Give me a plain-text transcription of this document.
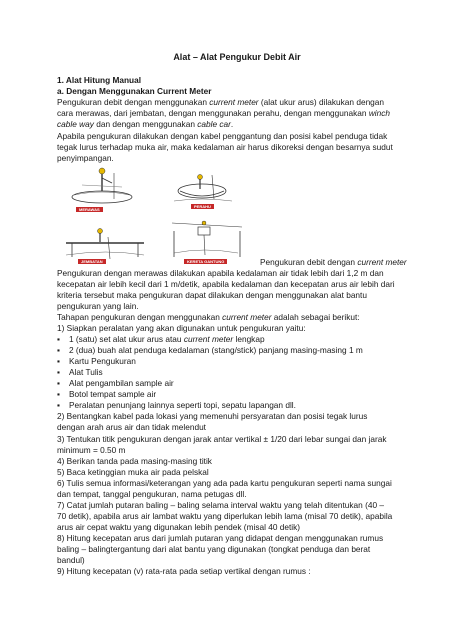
Alat – Alat Pengukur Debit Air
1. Alat Hitung Manual
a. Dengan Menggunakan Current Meter
Pengukuran debit dengan menggunakan current meter (alat ukur arus) dilakukan dengan
cara merawas, dari jembatan, dengan menggunakan perahu, dengan menggunakan winch
cable way dan dengan menggunakan cable car.
Apabila pengukuran dilakukan dengan kabel penggantung dan posisi kabel penduga tidak
tegak lurus terhadap muka air, maka kedalaman air harus dikoreksi dengan besarnya sudut
penyimpangan.
MERAWAS
PERAHU
JEMBATAN	KERETA GANTUNG	Pengukuran debit dengan current meter
Pengukuran dengan merawas dilakukan apabila kedalaman air tidak lebih dari 1,2 m dan
kecepatan air lebih kecil dari 1 m/detik, apabila kedalaman dan kecepatan arus air lebih dari
kriteria tersebut maka pengukuran dapat dilakukan dengan menggunakan alat bantu
pengukuran yang lain.
Tahapan pengukuran dengan menggunakan current meter adalah sebagai berikut:
1) Siapkan peralatan yang akan digunakan untuk pengukuran yaitu:
▪ 1 (satu) set alat ukur arus atau current meter lengkap
▪ 2 (dua) buah alat penduga kedalaman (stang/stick) panjang masing-masing 1 m
▪ Kartu Pengukuran
▪ Alat Tulis
▪ Alat pengambilan sample air
▪ Botol tempat sample air
▪ Peralatan penunjang lainnya seperti topi, sepatu lapangan dll.
2) Bentangkan kabel pada lokasi yang memenuhi persyaratan dan posisi tegak lurus
dengan arah arus air dan tidak melendut
3) Tentukan titik pengukuran dengan jarak antar vertikal ± 1/20 dari lebar sungai dan jarak
minimum = 0.50 m
4) Berikan tanda pada masing-masing titik
5) Baca ketinggian muka air pada pelskal
6) Tulis semua informasi/keterangan yang ada pada kartu pengukuran seperti nama sungai
dan tempat, tanggal pengukuran, nama petugas dll.
7) Catat jumlah putaran baling – baling selama interval waktu yang telah ditentukan (40 –
70 detik), apabila arus air lambat waktu yang diperlukan lebih lama (misal 70 detik), apabila
arus air cepat waktu yang digunakan lebih pendek (misal 40 detik)
8) Hitung kecepatan arus dari jumlah putaran yang didapat dengan menggunakan rumus
baling – balingtergantung dari alat bantu yang digunakan (tongkat penduga dan berat
bandul)
9) Hitung kecepatan (v) rata-rata pada setiap vertikal dengan rumus :
